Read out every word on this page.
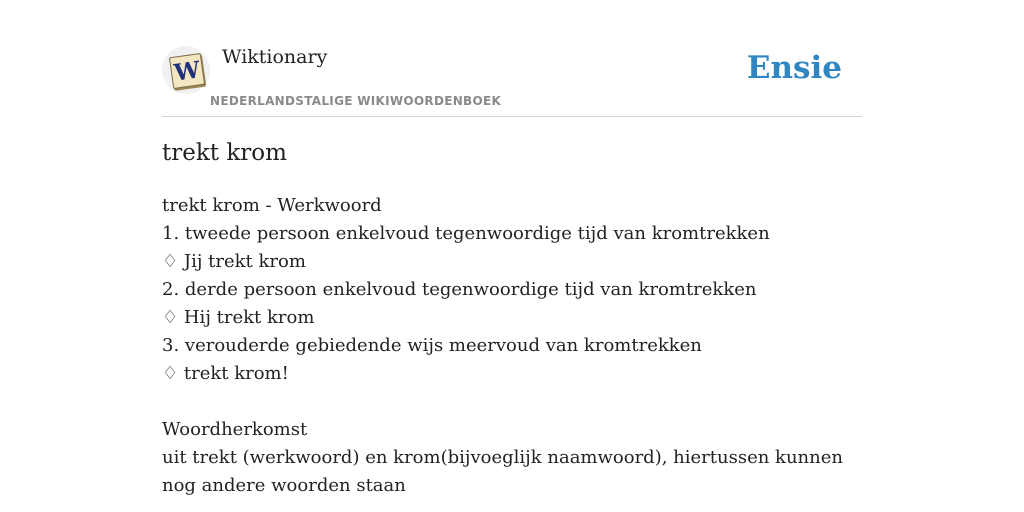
W Wiktionary
NEDERLANDSTALIGE WIKIWOORDENBOEK
Ensie
trekt krom

trekt krom - Werkwoord

1. tweede persoon enkelvoud tegenwoordige tijd van kromtrekken

♢ Jij trekt krom

2. derde persoon enkelvoud tegenwoordige tijd van kromtrekken

♢ Hij trekt krom

3. verouderde gebiedende wijs meervoud van kromtrekken

♢ trekt krom!

Woordherkomst

uit trekt (werkwoord) en krom(bijvoeglijk naamwoord), hiertussen kunnen nog andere woorden staan
